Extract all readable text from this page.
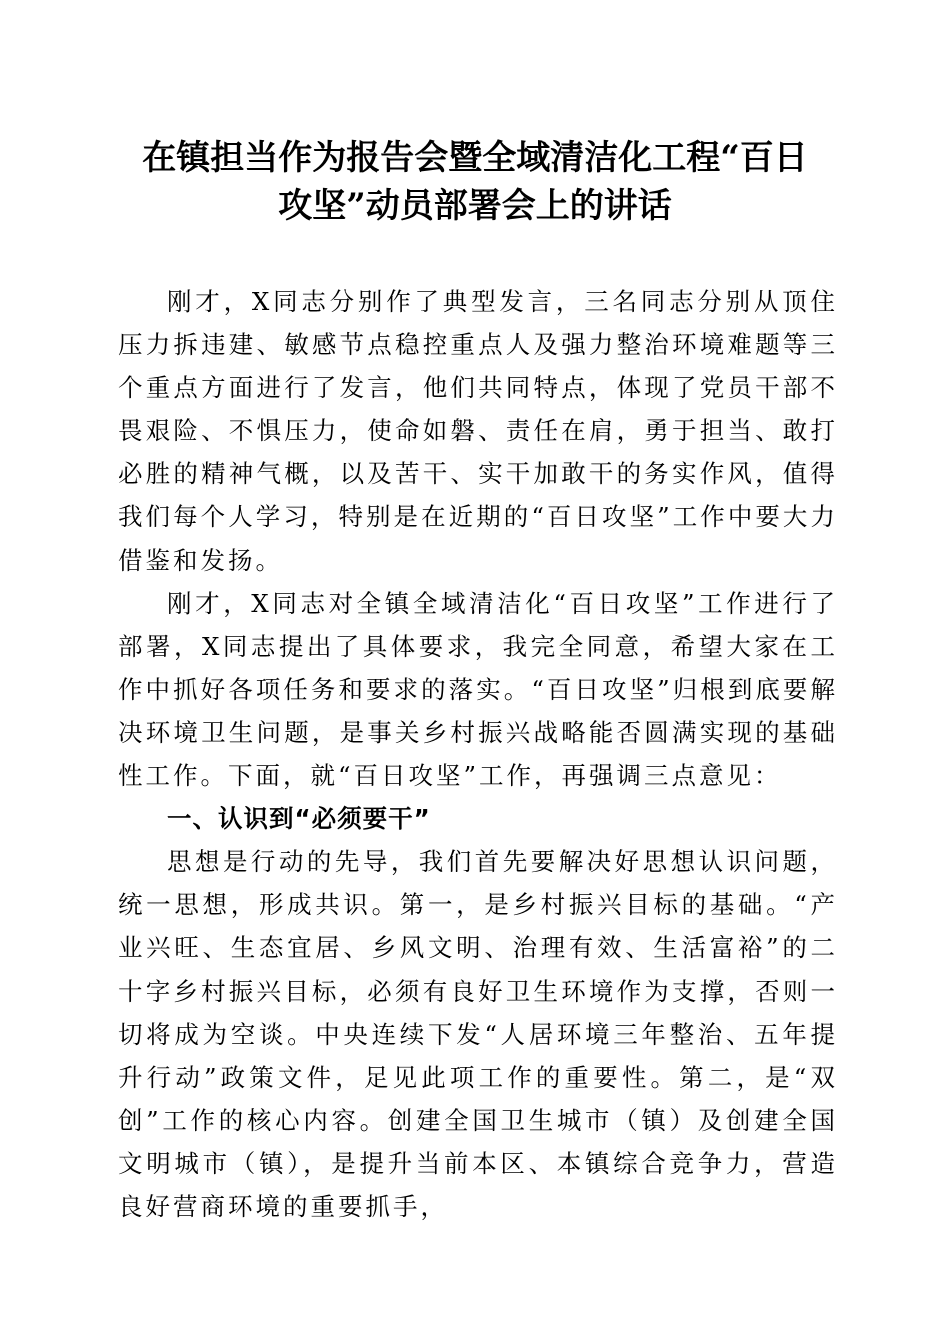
在镇担当作为报告会暨全域清洁化工程“百日
攻坚”动员部署会上的讲话

刚才，X同志分别作了典型发言，三名同志分别从顶住压力拆违建、敏感节点稳控重点人及强力整治环境难题等三个重点方面进行了发言，他们共同特点，体现了党员干部不畏艰险、不惧压力，使命如磐、责任在肩，勇于担当、敢打必胜的精神气概，以及苦干、实干加敢干的务实作风，值得我们每个人学习，特别是在近期的“百日攻坚”工作中要大力借鉴和发扬。

刚才，X同志对全镇全域清洁化“百日攻坚”工作进行了部署，X同志提出了具体要求，我完全同意，希望大家在工作中抓好各项任务和要求的落实。“百日攻坚”归根到底要解决环境卫生问题，是事关乡村振兴战略能否圆满实现的基础性工作。下面，就“百日攻坚”工作，再强调三点意见：

一、认识到“必须要干”

思想是行动的先导，我们首先要解决好思想认识问题，统一思想，形成共识。第一，是乡村振兴目标的基础。“产业兴旺、生态宜居、乡风文明、治理有效、生活富裕”的二十字乡村振兴目标，必须有良好卫生环境作为支撑，否则一切将成为空谈。中央连续下发“人居环境三年整治、五年提升行动”政策文件，足见此项工作的重要性。第二，是“双创”工作的核心内容。创建全国卫生城市（镇）及创建全国文明城市（镇），是提升当前本区、本镇综合竞争力，营造良好营商环境的重要抓手，
